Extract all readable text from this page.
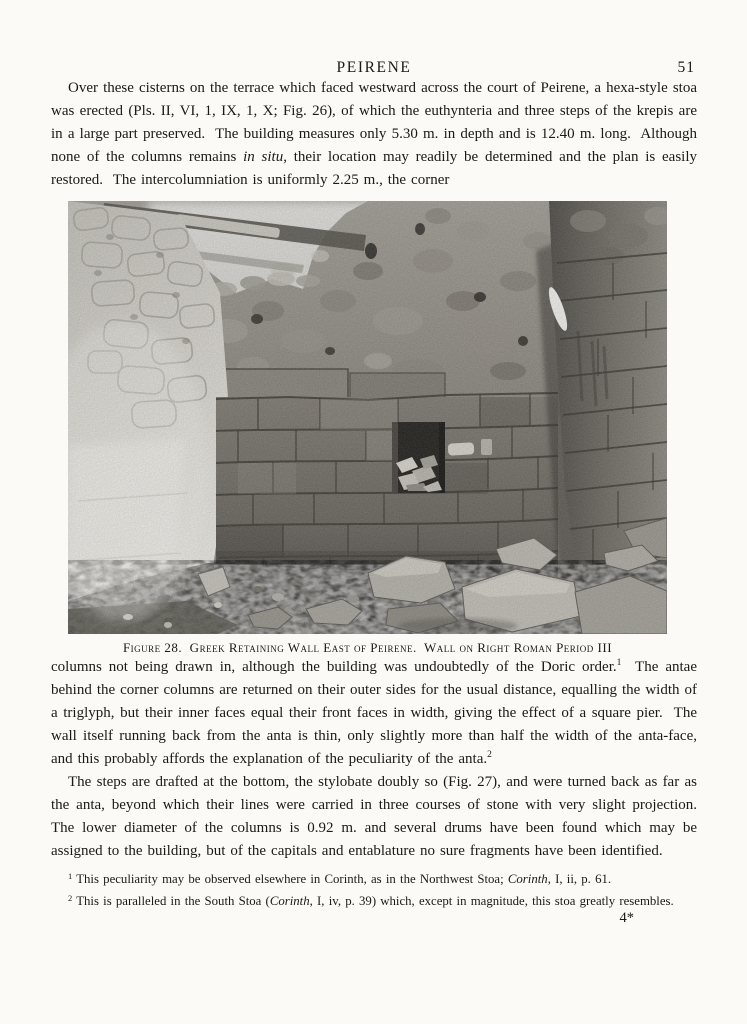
PEIRENE	51

Over these cisterns on the terrace which faced westward across the court of Peirene, a hexa-style stoa was erected (Pls. II, VI, 1, IX, 1, X; Fig. 26), of which the euthynteria and three steps of the krepis are in a large part preserved.  The building measures only 5.30 m. in depth and is 12.40 m. long.  Although none of the columns remains in situ, their location may readily be determined and the plan is easily restored.  The intercolumniation is uniformly 2.25 m., the corner

Figure 28.  Greek Retaining Wall East of Peirene.  Wall on Right Roman Period III

columns not being drawn in, although the building was undoubtedly of the Doric order.$^1$  The antae behind the corner columns are returned on their outer sides for the usual distance, equalling the width of a triglyph, but their inner faces equal their front faces in width, giving the effect of a square pier.  The wall itself running back from the anta is thin, only slightly more than half the width of the anta-face, and this probably affords the explanation of the peculiarity of the anta.$^2$

The steps are drafted at the bottom, the stylobate doubly so (Fig. 27), and were turned back as far as the anta, beyond which their lines were carried in three courses of stone with very slight projection.  The lower diameter of the columns is 0.92 m. and several drums have been found which may be assigned to the building, but of the capitals and entablature no sure fragments have been identified.

$^1$ This peculiarity may be observed elsewhere in Corinth, as in the Northwest Stoa; Corinth, I, ii, p. 61.

$^2$ This is paralleled in the South Stoa (Corinth, I, iv, p. 39) which, except in magnitude, this stoa greatly resembles.

4*
